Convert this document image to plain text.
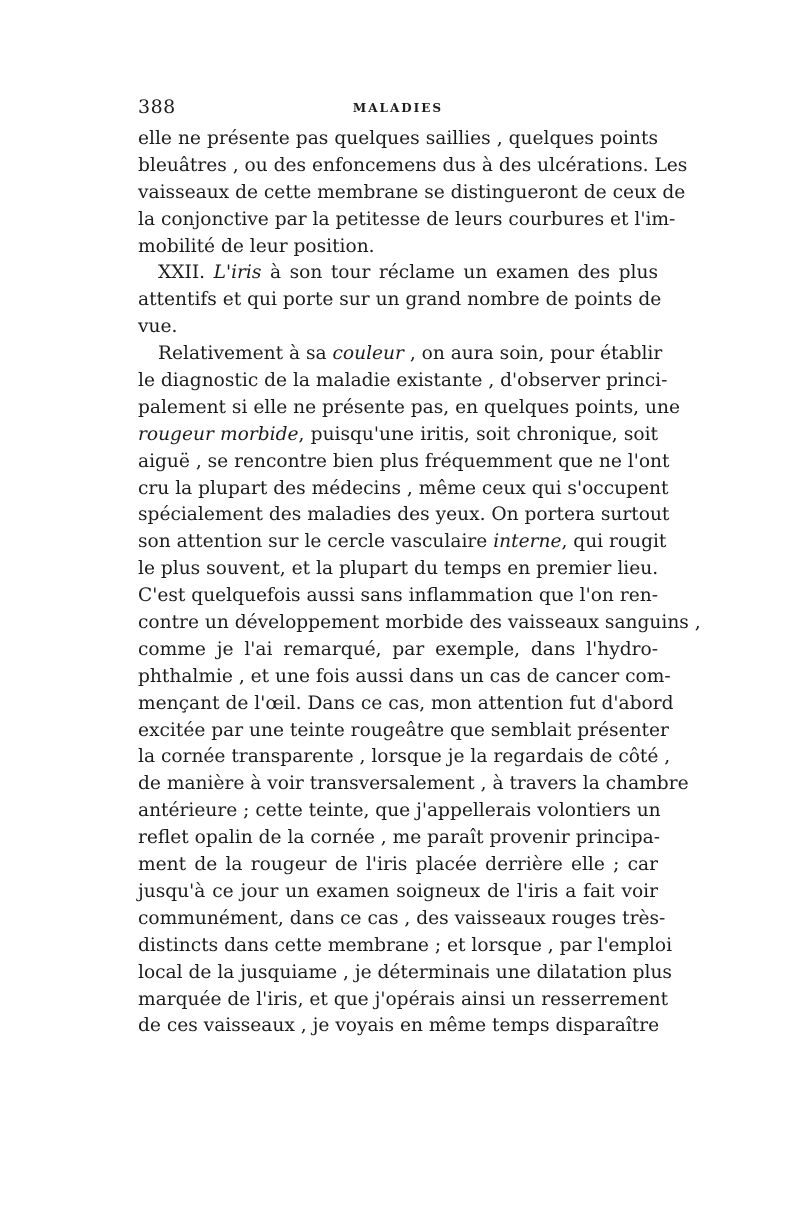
388	MALADIES
elle ne présente pas quelques saillies , quelques points
bleuâtres , ou des enfoncemens dus à des ulcérations. Les
vaisseaux de cette membrane se distingueront de ceux de
la conjonctive par la petitesse de leurs courbures et l'im-
mobilité de leur position.
XXII. L'iris à son tour réclame un examen des plus
attentifs et qui porte sur un grand nombre de points de
vue.
Relativement à sa couleur , on aura soin, pour établir
le diagnostic de la maladie existante , d'observer princi-
palement si elle ne présente pas, en quelques points, une
rougeur morbide, puisqu'une iritis, soit chronique, soit
aiguë , se rencontre bien plus fréquemment que ne l'ont
cru la plupart des médecins , même ceux qui s'occupent
spécialement des maladies des yeux. On portera surtout
son attention sur le cercle vasculaire interne, qui rougit
le plus souvent, et la plupart du temps en premier lieu.
C'est quelquefois aussi sans inflammation que l'on ren-
contre un développement morbide des vaisseaux sanguins ,
comme je l'ai remarqué, par exemple, dans l'hydro-
phthalmie , et une fois aussi dans un cas de cancer com-
mençant de l'œil. Dans ce cas, mon attention fut d'abord
excitée par une teinte rougeâtre que semblait présenter
la cornée transparente , lorsque je la regardais de côté ,
de manière à voir transversalement , à travers la chambre
antérieure ; cette teinte, que j'appellerais volontiers un
reflet opalin de la cornée , me paraît provenir principa-
ment de la rougeur de l'iris placée derrière elle ; car
jusqu'à ce jour un examen soigneux de l'iris a fait voir
communément, dans ce cas , des vaisseaux rouges très-
distincts dans cette membrane ; et lorsque , par l'emploi
local de la jusquiame , je déterminais une dilatation plus
marquée de l'iris, et que j'opérais ainsi un resserrement
de ces vaisseaux , je voyais en même temps disparaître
